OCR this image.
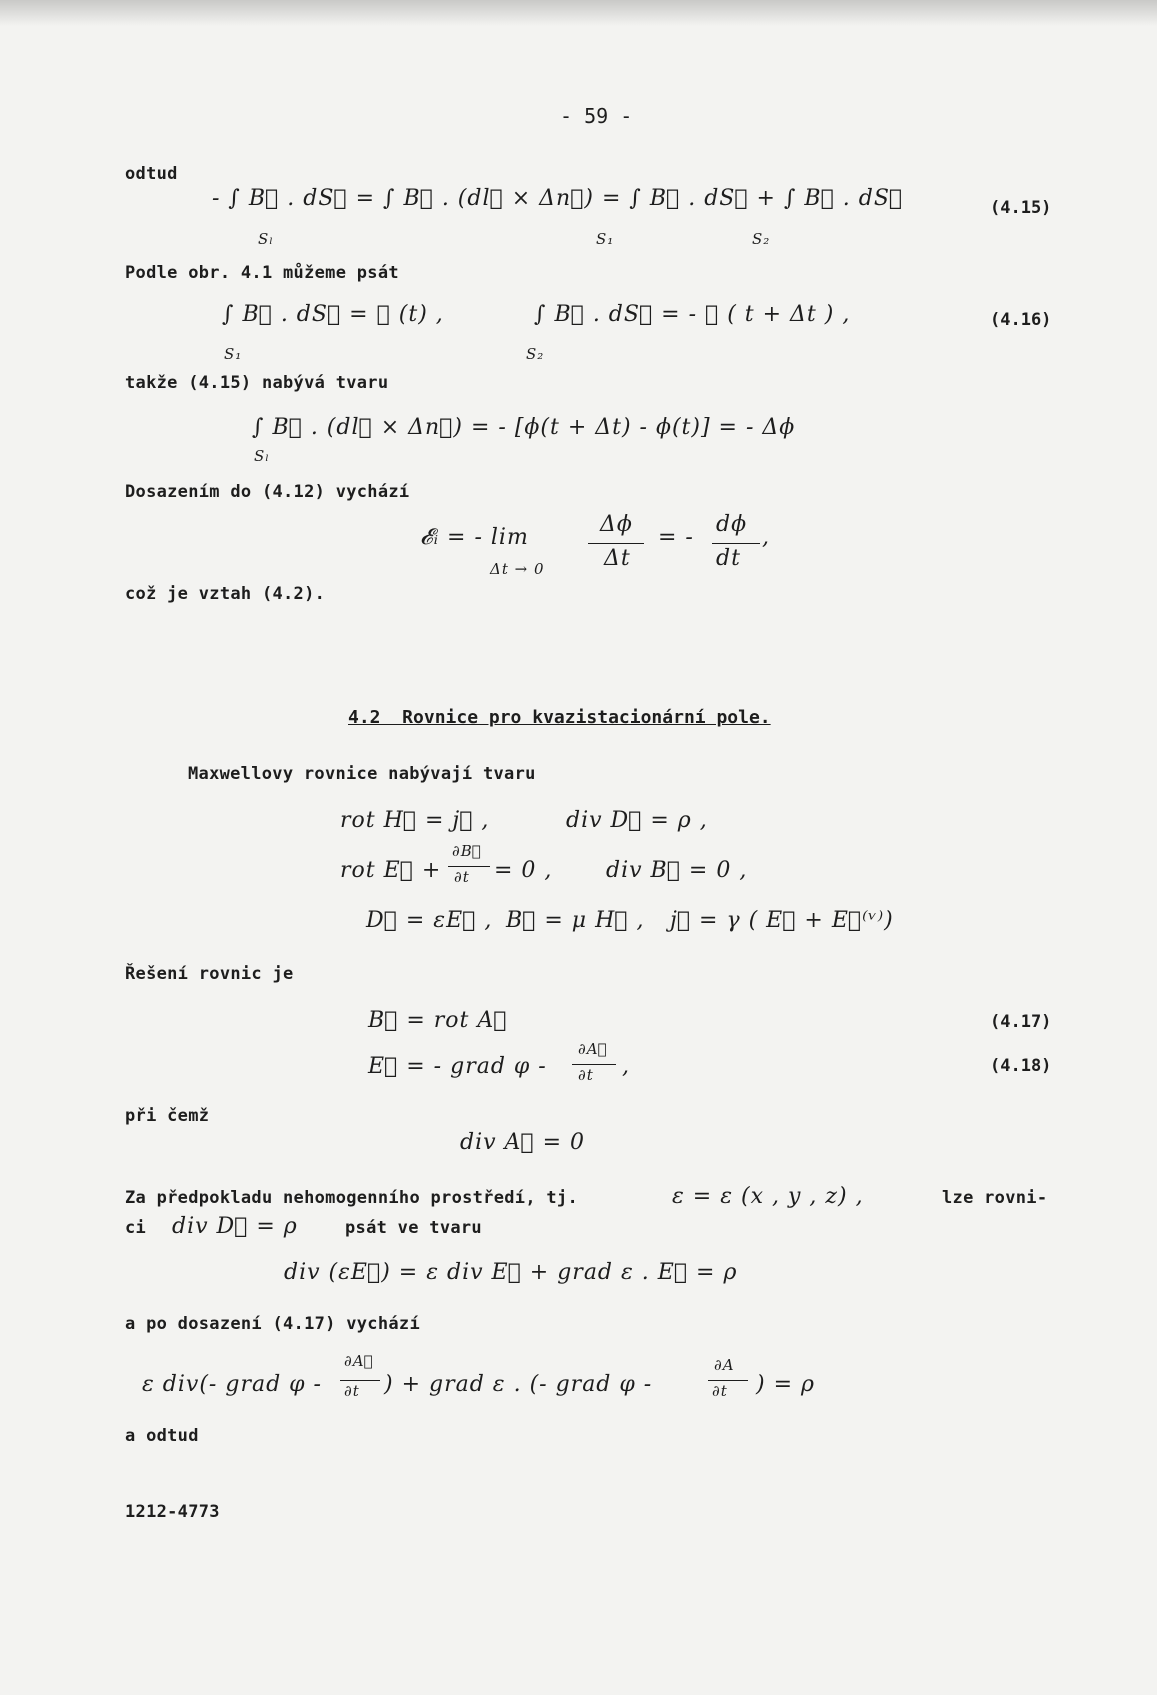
- 59 -
odtud
- ∫ B⃗ . dS⃗ = ∫ B⃗ . (dl⃗ × Δn⃗) = ∫ B⃗ . dS⃗ + ∫ B⃗ . dS⃗
Sₗ	S₁	S₂
(4.15)
Podle obr. 4.1 můžeme psát
∫ B⃗ . dS⃗ = ∅ (t) ,
S₁
∫ B⃗ . dS⃗ = - ∅ ( t + Δt ) ,
S₂
(4.16)
takže (4.15) nabývá tvaru
∫ B⃗ . (dl⃗ × Δn⃗) = - [ϕ(t + Δt) - ϕ(t)] = - Δϕ
Sₗ
Dosazením do (4.12) vychází
𝓔ᵢ = - lim
Δt → 0
Δϕ
Δt
= -
dϕ
dt
,
což je vztah (4.2).
4.2  Rovnice pro kvazistacionární pole.
Maxwellovy rovnice nabývají tvaru
rot H⃗ = j⃗ ,	div D⃗ = ρ ,
rot E⃗ +
∂B⃗
∂t = 0 , div B⃗ = 0 ,
D⃗ = εE⃗ , B⃗ = μ H⃗ , j⃗ = γ ( E⃗ + E⃗⁽ᵛ⁾)
Řešení rovnic je
B⃗ = rot A⃗	(4.17)
E⃗ = - grad φ -
∂A⃗
∂t ,	(4.18)
při čemž
div A⃗ = 0
Za předpokladu nehomogenního prostředí, tj.	ε = ε (x , y , z) ,	lze rovni-
ci div D⃗ = ρ	psát ve tvaru
div (εE⃗) = ε div E⃗ + grad ε . E⃗ = ρ
a po dosazení (4.17) vychází
ε div(- grad φ -
∂A⃗
∂t ) + grad ε . (- grad φ -
∂A
∂t ) = ρ
a odtud
1212-4773
